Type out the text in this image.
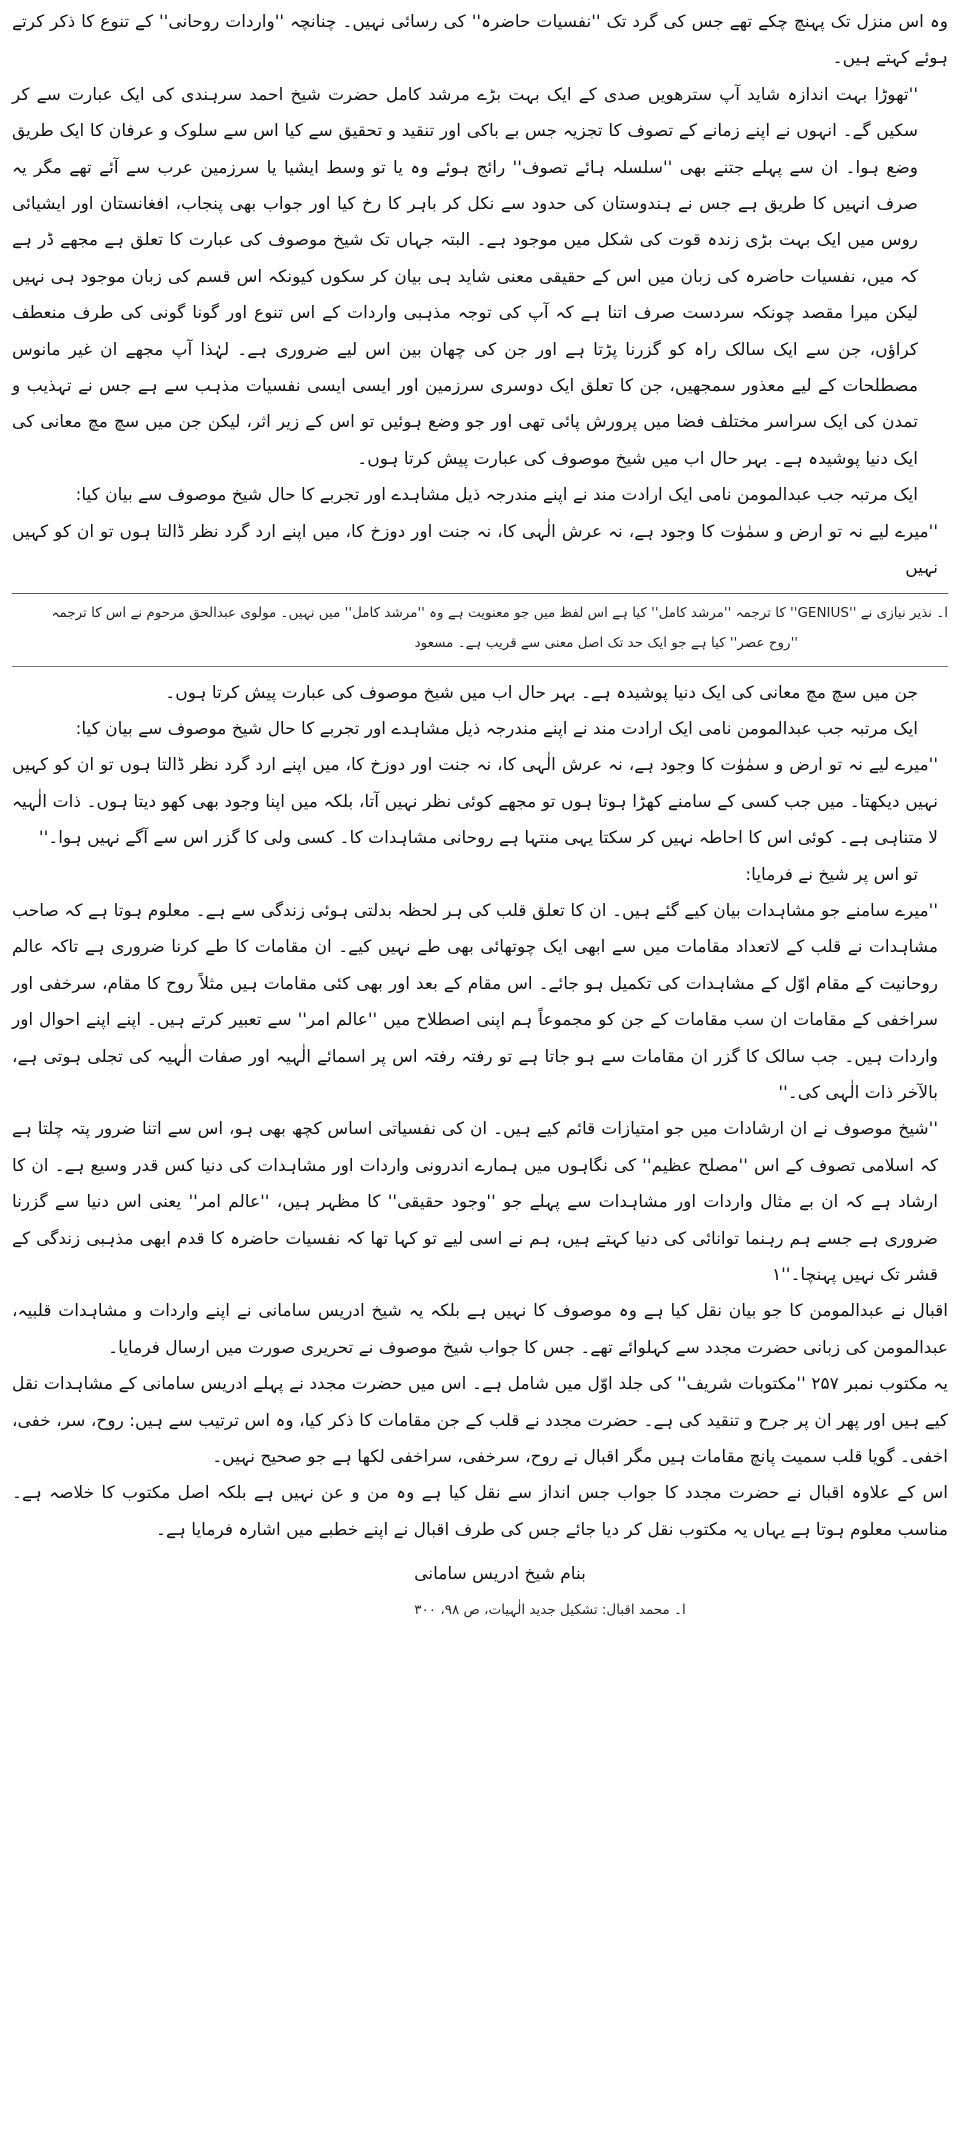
وہ اس منزل تک پہنچ چکے تھے جس کی گرد تک ''نفسیات حاضرہ'' کی رسائی نہیں۔ چنانچہ ''واردات روحانی'' کے تنوع کا ذکر کرتے ہوئے کہتے ہیں۔

''تھوڑا بہت اندازہ شاید آپ سترھویں صدی کے ایک بہت بڑے مرشد کامل حضرت شیخ احمد سرہندی کی ایک عبارت سے کر سکیں گے۔ انہوں نے اپنے زمانے کے تصوف کا تجزیہ جس بے باکی اور تنقید و تحقیق سے کیا اس سے سلوک و عرفان کا ایک طریق وضع ہوا۔ ان سے پہلے جتنے بھی ''سلسلہ ہائے تصوف'' رائج ہوئے وہ یا تو وسط ایشیا یا سرزمین عرب سے آئے تھے مگر یہ صرف انہیں کا طریق ہے جس نے ہندوستان کی حدود سے نکل کر باہر کا رخ کیا اور جواب بھی پنجاب، افغانستان اور ایشیائی روس میں ایک بہت بڑی زندہ قوت کی شکل میں موجود ہے۔ البتہ جہاں تک شیخ موصوف کی عبارت کا تعلق ہے مجھے ڈر ہے کہ میں، نفسیات حاضرہ کی زبان میں اس کے حقیقی معنی شاید ہی بیان کر سکوں کیونکہ اس قسم کی زبان موجود ہی نہیں لیکن میرا مقصد چونکہ سردست صرف اتنا ہے کہ آپ کی توجہ مذہبی واردات کے اس تنوع اور گونا گونی کی طرف منعطف کراؤں، جن سے ایک سالک راہ کو گزرنا پڑتا ہے اور جن کی چھان بین اس لیے ضروری ہے۔ لہٰذا آپ مجھے ان غیر مانوس مصطلحات کے لیے معذور سمجھیں، جن کا تعلق ایک دوسری سرزمین اور ایسی ایسی نفسیات مذہب سے ہے جس نے تہذیب و تمدن کی ایک سراسر مختلف فضا میں پرورش پائی تھی اور جو وضع ہوئیں تو اس کے زیر اثر، لیکن جن میں سچ مچ معانی کی ایک دنیا پوشیدہ ہے۔ بہر حال اب میں شیخ موصوف کی عبارت پیش کرتا ہوں۔

ایک مرتبہ جب عبدالمومن نامی ایک ارادت مند نے اپنے مندرجہ ذیل مشاہدے اور تجربے کا حال شیخ موصوف سے بیان کیا:

''میرے لیے نہ تو ارض و سمٰوٰت کا وجود ہے، نہ عرش الٰہی کا، نہ جنت اور دوزخ کا، میں اپنے ارد گرد نظر ڈالتا ہوں تو ان کو کہیں نہیں

ا۔ نذیر نیازی نے ''GENIUS'' کا ترجمہ ''مرشد کامل'' کیا ہے اس لفظ میں جو معنویت ہے وہ ''مرشد کامل'' میں نہیں۔ مولوی عبدالحق مرحوم نے اس کا ترجمہ

''روح عصر'' کیا ہے جو ایک حد تک اصل معنی سے قریب ہے۔ مسعود

جن میں سچ مچ معانی کی ایک دنیا پوشیدہ ہے۔ بہر حال اب میں شیخ موصوف کی عبارت پیش کرتا ہوں۔

ایک مرتبہ جب عبدالمومن نامی ایک ارادت مند نے اپنے مندرجہ ذیل مشاہدے اور تجربے کا حال شیخ موصوف سے بیان کیا:

''میرے لیے نہ تو ارض و سمٰوٰت کا وجود ہے، نہ عرش الٰہی کا، نہ جنت اور دوزخ کا، میں اپنے ارد گرد نظر ڈالتا ہوں تو ان کو کہیں نہیں دیکھتا۔ میں جب کسی کے سامنے کھڑا ہوتا ہوں تو مجھے کوئی نظر نہیں آتا، بلکہ میں اپنا وجود بھی کھو دیتا ہوں۔ ذات الٰہیہ لا متناہی ہے۔ کوئی اس کا احاطہ نہیں کر سکتا یہی منتہا ہے روحانی مشاہدات کا۔ کسی ولی کا گزر اس سے آگے نہیں ہوا۔''

تو اس پر شیخ نے فرمایا:

''میرے سامنے جو مشاہدات بیان کیے گئے ہیں۔ ان کا تعلق قلب کی ہر لحظہ بدلتی ہوئی زندگی سے ہے۔ معلوم ہوتا ہے کہ صاحب مشاہدات نے قلب کے لاتعداد مقامات میں سے ابھی ایک چوتھائی بھی طے نہیں کیے۔ ان مقامات کا طے کرنا ضروری ہے تاکہ عالم روحانیت کے مقام اوّل کے مشاہدات کی تکمیل ہو جائے۔ اس مقام کے بعد اور بھی کئی مقامات ہیں مثلاً روح کا مقام، سرخفی اور سراخفی کے مقامات ان سب مقامات کے جن کو مجموعاً ہم اپنی اصطلاح میں ''عالم امر'' سے تعبیر کرتے ہیں۔ اپنے اپنے احوال اور واردات ہیں۔ جب سالک کا گزر ان مقامات سے ہو جاتا ہے تو رفتہ رفتہ اس پر اسمائے الٰہیہ اور صفات الٰہیہ کی تجلی ہوتی ہے، بالآخر ذات الٰہی کی۔''

''شیخ موصوف نے ان ارشادات میں جو امتیازات قائم کیے ہیں۔ ان کی نفسیاتی اساس کچھ بھی ہو، اس سے اتنا ضرور پتہ چلتا ہے کہ اسلامی تصوف کے اس ''مصلح عظیم'' کی نگاہوں میں ہمارے اندرونی واردات اور مشاہدات کی دنیا کس قدر وسیع ہے۔ ان کا ارشاد ہے کہ ان بے مثال واردات اور مشاہدات سے پہلے جو ''وجود حقیقی'' کا مظہر ہیں، ''عالم امر'' یعنی اس دنیا سے گزرنا ضروری ہے جسے ہم رہنما توانائی کی دنیا کہتے ہیں، ہم نے اسی لیے تو کہا تھا کہ نفسیات حاضرہ کا قدم ابھی مذہبی زندگی کے قشر تک نہیں پہنچا۔''۱

اقبال نے عبدالمومن کا جو بیان نقل کیا ہے وہ موصوف کا نہیں ہے بلکہ یہ شیخ ادریس سامانی نے اپنے واردات و مشاہدات قلبیہ، عبدالمومن کی زبانی حضرت مجدد سے کہلوائے تھے۔ جس کا جواب شیخ موصوف نے تحریری صورت میں ارسال فرمایا۔

یہ مکتوب نمبر ۲۵۷ ''مکتوبات شریف'' کی جلد اوّل میں شامل ہے۔ اس میں حضرت مجدد نے پہلے ادریس سامانی کے مشاہدات نقل کیے ہیں اور پھر ان پر جرح و تنقید کی ہے۔ حضرت مجدد نے قلب کے جن مقامات کا ذکر کیا، وہ اس ترتیب سے ہیں: روح، سر، خفی، اخفی۔ گویا قلب سمیت پانچ مقامات ہیں مگر اقبال نے روح، سرخفی، سراخفی لکھا ہے جو صحیح نہیں۔

اس کے علاوہ اقبال نے حضرت مجدد کا جواب جس انداز سے نقل کیا ہے وہ من و عن نہیں ہے بلکہ اصل مکتوب کا خلاصہ ہے۔ مناسب معلوم ہوتا ہے یہاں یہ مکتوب نقل کر دیا جائے جس کی طرف اقبال نے اپنے خطبے میں اشارہ فرمایا ہے۔

بنام شیخ ادریس سامانی

ا۔ محمد اقبال: تشکیل جدید الٰہیات، ص ۹۸، ۳۰۰
